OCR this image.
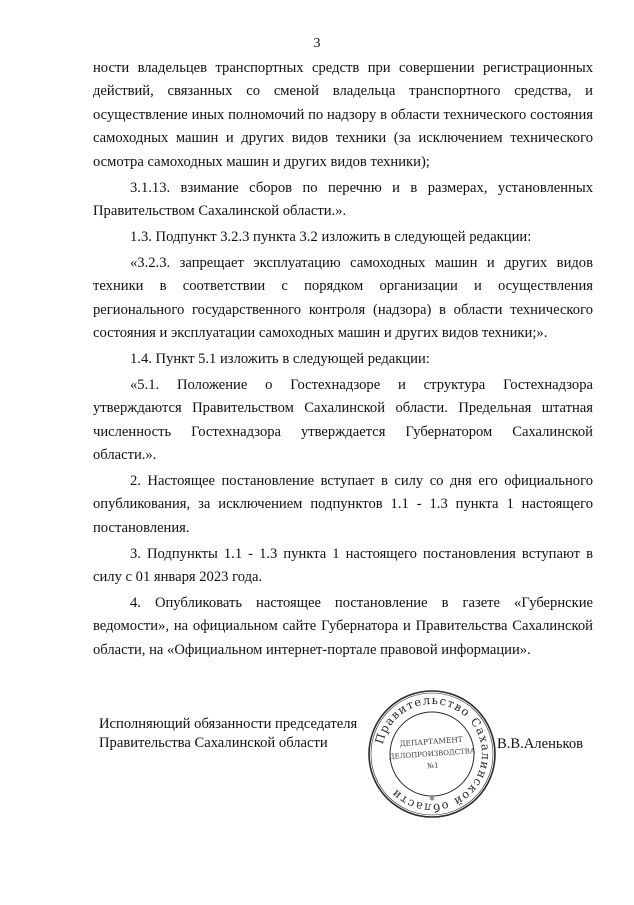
3

ности владельцев транспортных средств при совершении регистрационных действий, связанных со сменой владельца транспортного средства, и осуществление иных полномочий по надзору в области технического состояния самоходных машин и других видов техники (за исключением технического осмотра самоходных машин и других видов техники);

3.1.13. взимание сборов по перечню и в размерах, установленных Правительством Сахалинской области.».

1.3. Подпункт 3.2.3 пункта 3.2 изложить в следующей редакции:

«3.2.3. запрещает эксплуатацию самоходных машин и других видов техники в соответствии с порядком организации и осуществления регионального государственного контроля (надзора) в области технического состояния и эксплуатации самоходных машин и других видов техники;».

1.4. Пункт 5.1 изложить в следующей редакции:

«5.1. Положение о Гостехнадзоре и структура Гостехнадзора утверждаются Правительством Сахалинской области. Предельная штатная численность Гостехнадзора утверждается Губернатором Сахалинской области.».

2. Настоящее постановление вступает в силу со дня его официального опубликования, за исключением подпунктов 1.1 - 1.3 пункта 1 настоящего постановления.

3. Подпункты 1.1 - 1.3 пункта 1 настоящего постановления вступают в силу с 01 января 2023 года.

4. Опубликовать настоящее постановление в газете «Губернские ведомости», на официальном сайте Губернатора и Правительства Сахалинской области, на «Официальном интернет-портале правовой информации».

Исполняющий обязанности председателя
Правительства Сахалинской области	В.В.Аленьков
Правительство Сахалинской области	*
ДЕПАРТАМЕНТ
ДЕЛОПРОИЗВОДСТВА
№1
